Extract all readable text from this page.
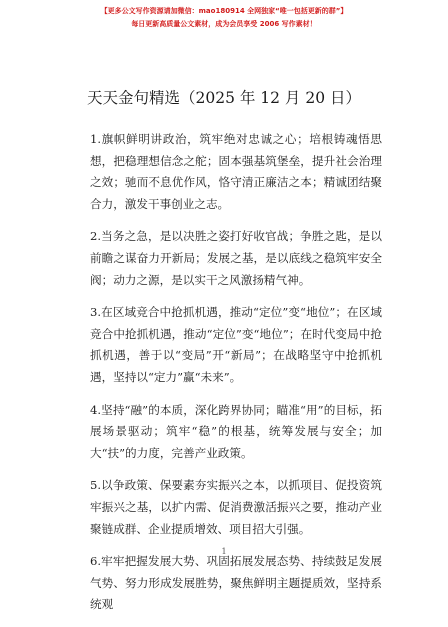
【更多公文写作资源请加微信：mao180914 全网独家“唯一包括更新的群”】
每日更新高质量公文素材，成为会员享受 2006 写作素材！
天天金句精选（2025 年 12 月 20 日）

1.旗帜鲜明讲政治，筑牢绝对忠诚之心；培根铸魂悟思想，把稳理想信念之舵；固本强基筑堡垒，提升社会治理之效；驰而不息优作风，恪守清正廉洁之本；精诚团结聚合力，激发干事创业之志。

2.当务之急，是以决胜之姿打好收官战；争胜之匙，是以前瞻之谋奋力开新局；发展之基，是以底线之稳筑牢安全阀；动力之源，是以实干之风激扬精气神。

3.在区域竞合中抢抓机遇，推动“定位”变“地位”；在区域竞合中抢抓机遇，推动“定位”变“地位”；在时代变局中抢抓机遇，善于以“变局”开“新局”；在战略坚守中抢抓机遇，坚持以“定力”赢“未来”。

4.坚持“融”的本质，深化跨界协同；瞄准“用”的目标，拓展场景驱动；筑牢“稳”的根基，统筹发展与安全；加大“扶”的力度，完善产业政策。

5.以争政策、保要素夯实振兴之本，以抓项目、促投资筑牢振兴之基，以扩内需、促消费激活振兴之要，推动产业聚链成群、企业提质增效、项目招大引强。

6.牢牢把握发展大势、巩固拓展发展态势、持续鼓足发展气势、努力形成发展胜势，聚焦鲜明主题提质效，坚持系统观

1
